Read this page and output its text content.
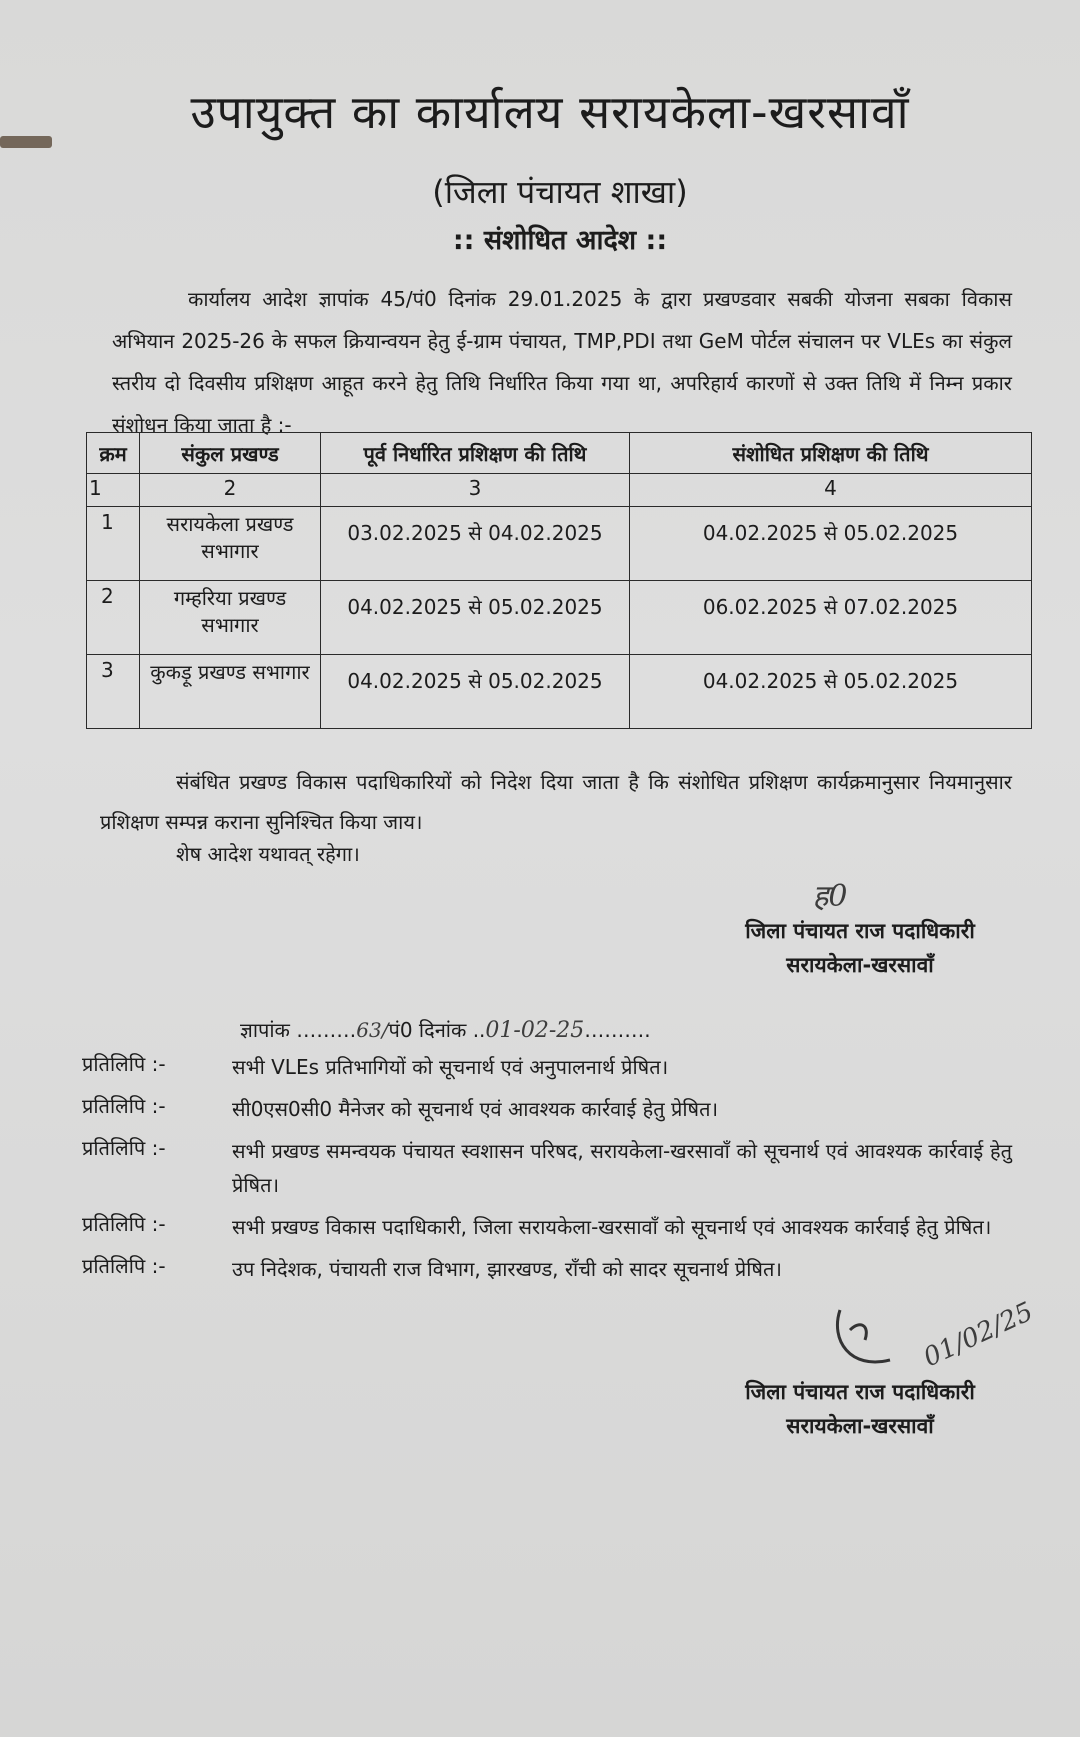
उपायुक्त का कार्यालय सरायकेला-खरसावाँ
(जिला पंचायत शाखा)
:: संशोधित आदेश ::
कार्यालय आदेश ज्ञापांक 45/पं0 दिनांक 29.01.2025 के द्वारा प्रखण्डवार सबकी योजना सबका विकास अभियान 2025-26 के सफल क्रियान्वयन हेतु ई-ग्राम पंचायत, TMP,PDI तथा GeM पोर्टल संचालन पर VLEs का संकुल स्तरीय दो दिवसीय प्रशिक्षण आहूत करने हेतु तिथि निर्धारित किया गया था, अपरिहार्य कारणों से उक्त तिथि में निम्न प्रकार संशोधन किया जाता है :-
क्रम	संकुल प्रखण्ड	पूर्व निर्धारित प्रशिक्षण की तिथि	संशोधित प्रशिक्षण की तिथि
1	2	3	4
1	सरायकेला प्रखण्ड सभागार	03.02.2025 से 04.02.2025	04.02.2025 से 05.02.2025
2	गम्हरिया प्रखण्ड सभागार	04.02.2025 से 05.02.2025	06.02.2025 से 07.02.2025
3	कुकड़ू प्रखण्ड सभागार	04.02.2025 से 05.02.2025	04.02.2025 से 05.02.2025
संबंधित प्रखण्ड विकास पदाधिकारियों को निदेश दिया जाता है कि संशोधित प्रशिक्षण कार्यक्रमानुसार नियमानुसार प्रशिक्षण सम्पन्न कराना सुनिश्चित किया जाय।
शेष आदेश यथावत् रहेगा।
ह0
जिला पंचायत राज पदाधिकारी
सरायकेला-खरसावाँ
ज्ञापांक ………63/पं0 दिनांक ..01-02-25……….
प्रतिलिपि :-	सभी VLEs प्रतिभागियों को सूचनार्थ एवं अनुपालनार्थ प्रेषित।
प्रतिलिपि :-	सी0एस0सी0 मैनेजर को सूचनार्थ एवं आवश्यक कार्रवाई हेतु प्रेषित।
प्रतिलिपि :-	सभी प्रखण्ड समन्वयक पंचायत स्वशासन परिषद, सरायकेला-खरसावाँ को सूचनार्थ एवं आवश्यक कार्रवाई हेतु प्रेषित।
प्रतिलिपि :-	सभी प्रखण्ड विकास पदाधिकारी, जिला सरायकेला-खरसावाँ को सूचनार्थ एवं आवश्यक कार्रवाई हेतु प्रेषित।
प्रतिलिपि :-	उप निदेशक, पंचायती राज विभाग, झारखण्ड, राँची को सादर सूचनार्थ प्रेषित।
01/02/25
जिला पंचायत राज पदाधिकारी
सरायकेला-खरसावाँ
